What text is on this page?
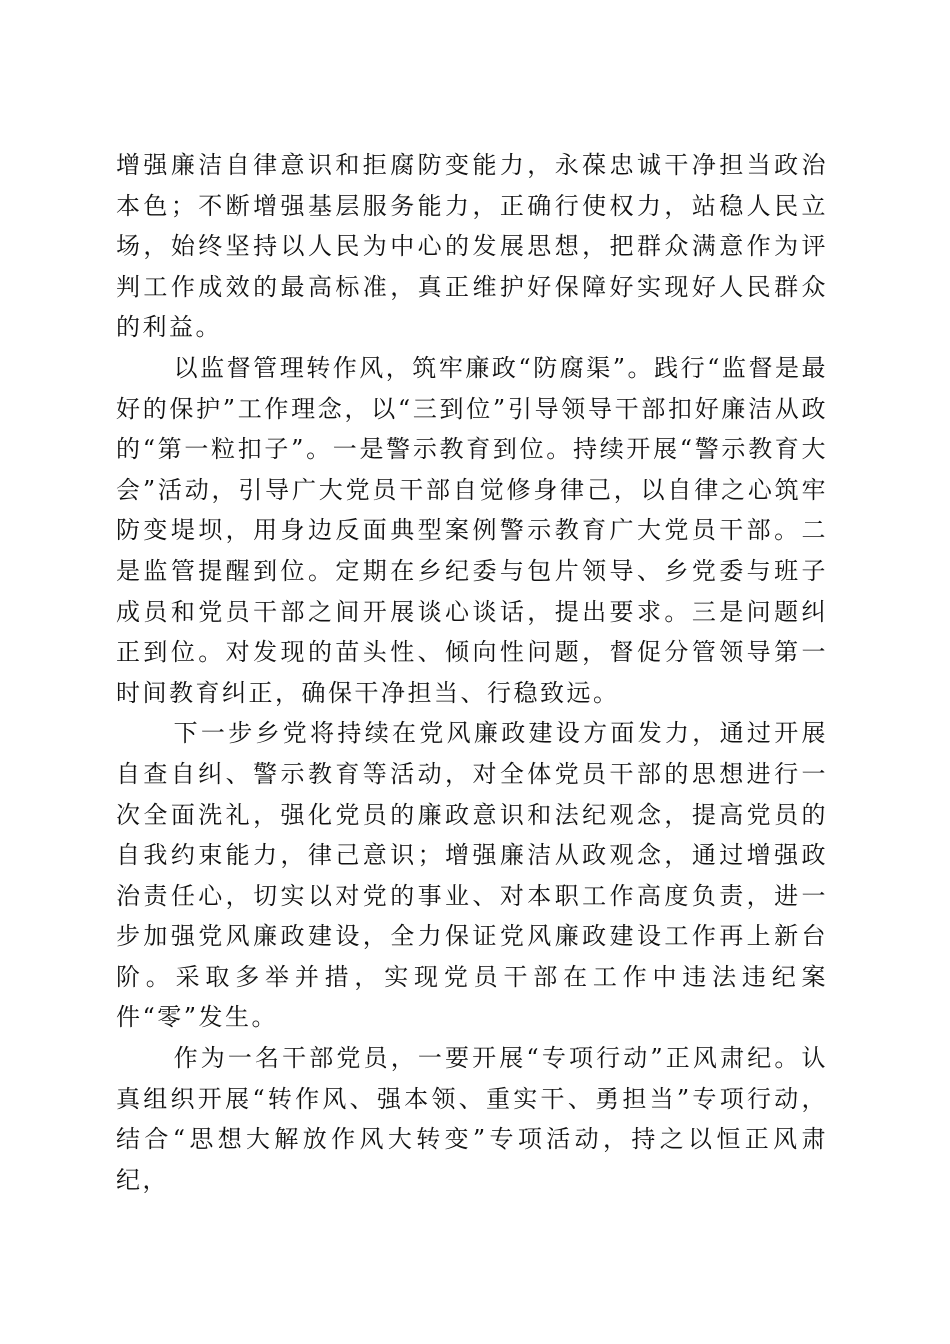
增强廉洁自律意识和拒腐防变能力，永葆忠诚干净担当政治本色；不断增强基层服务能力，正确行使权力，站稳人民立场，始终坚持以人民为中心的发展思想，把群众满意作为评判工作成效的最高标准，真正维护好保障好实现好人民群众的利益。

以监督管理转作风，筑牢廉政“防腐渠”。践行“监督是最好的保护”工作理念，以“三到位”引导领导干部扣好廉洁从政的“第一粒扣子”。一是警示教育到位。持续开展“警示教育大会”活动，引导广大党员干部自觉修身律己，以自律之心筑牢防变堤坝，用身边反面典型案例警示教育广大党员干部。二是监管提醒到位。定期在乡纪委与包片领导、乡党委与班子成员和党员干部之间开展谈心谈话，提出要求。三是问题纠正到位。对发现的苗头性、倾向性问题，督促分管领导第一时间教育纠正，确保干净担当、行稳致远。

下一步乡党将持续在党风廉政建设方面发力，通过开展自查自纠、警示教育等活动，对全体党员干部的思想进行一次全面洗礼，强化党员的廉政意识和法纪观念，提高党员的自我约束能力，律己意识；增强廉洁从政观念，通过增强政治责任心，切实以对党的事业、对本职工作高度负责，进一步加强党风廉政建设，全力保证党风廉政建设工作再上新台阶。采取多举并措，实现党员干部在工作中违法违纪案件“零”发生。

作为一名干部党员，一要开展“专项行动”正风肃纪。认真组织开展“转作风、强本领、重实干、勇担当”专项行动，结合“思想大解放作风大转变”专项活动，持之以恒正风肃纪，
